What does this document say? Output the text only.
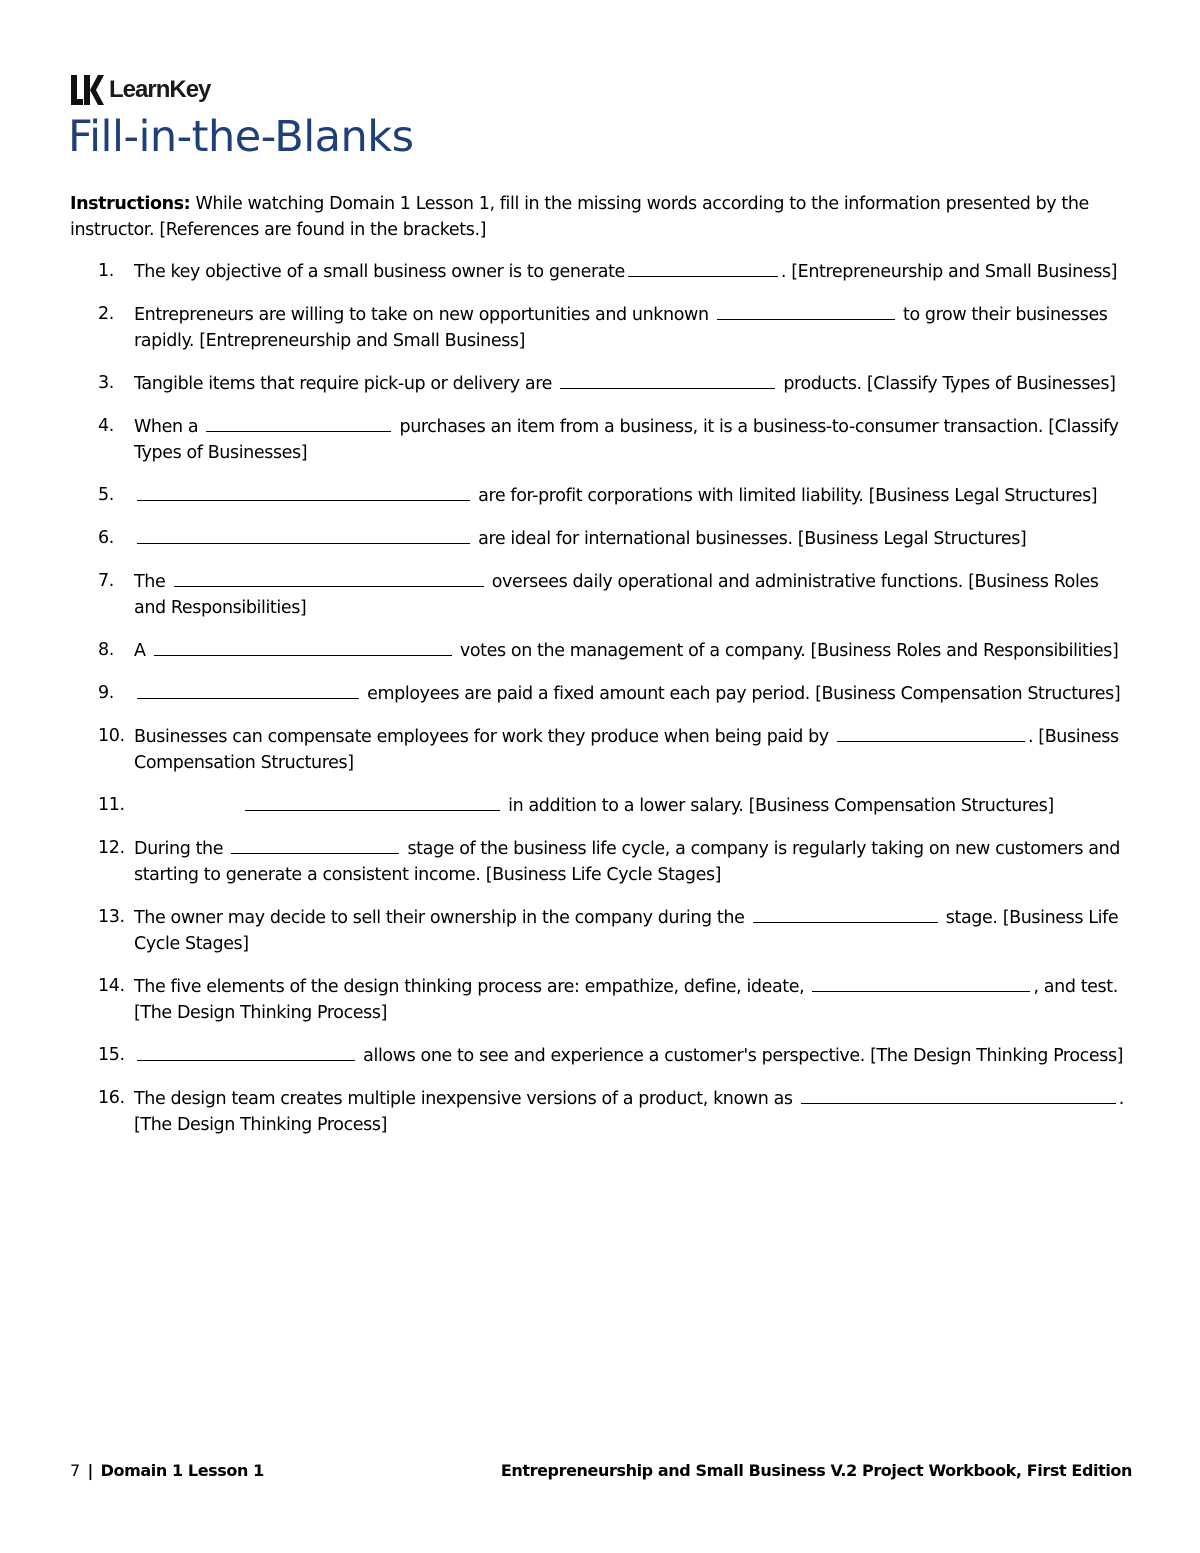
LearnKey
Fill-in-the-Blanks

Instructions: While watching Domain 1 Lesson 1, fill in the missing words according to the information presented by the instructor. [References are found in the brackets.]

1. The key objective of a small business owner is to generate	. [Entrepreneurship and Small Business]
2. Entrepreneurs are willing to take on new opportunities and unknown	to grow their businesses rapidly. [Entrepreneurship and Small Business]
3. Tangible items that require pick-up or delivery are	products. [Classify Types of Businesses]
4. When a	purchases an item from a business, it is a business-to-consumer transaction. [Classify Types of Businesses]
5.	are for-profit corporations with limited liability. [Business Legal Structures]
6.	are ideal for international businesses. [Business Legal Structures]
7. The	oversees daily operational and administrative functions. [Business Roles and Responsibilities]
8. A	votes on the management of a company. [Business Roles and Responsibilities]
9.	employees are paid a fixed amount each pay period. [Business Compensation Structures]
10. Businesses can compensate employees for work they produce when being paid by	. [Business Compensation Structures]
11.	in addition to a lower salary. [Business Compensation Structures]
12. During the	stage of the business life cycle, a company is regularly taking on new customers and starting to generate a consistent income. [Business Life Cycle Stages]
13. The owner may decide to sell their ownership in the company during the	stage. [Business Life Cycle Stages]
14. The five elements of the design thinking process are: empathize, define, ideate,	, and test. [The Design Thinking Process]
15.	allows one to see and experience a customer's perspective. [The Design Thinking Process]
16. The design team creates multiple inexpensive versions of a product, known as	. [The Design Thinking Process]
7 | Domain 1 Lesson 1	Entrepreneurship and Small Business V.2 Project Workbook, First Edition
